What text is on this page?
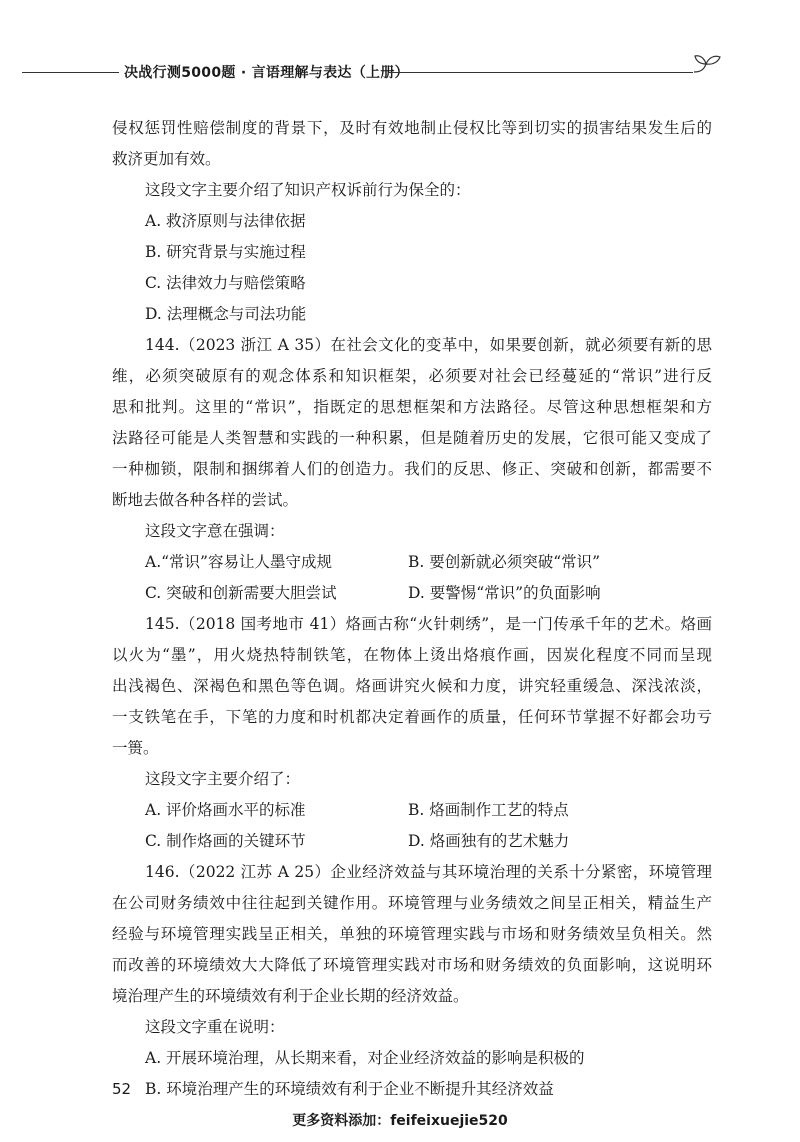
决战行测5000题 · 言语理解与表达（上册）
侵权惩罚性赔偿制度的背景下，及时有效地制止侵权比等到切实的损害结果发生后的
救济更加有效。
这段文字主要介绍了知识产权诉前行为保全的：
A. 救济原则与法律依据
B. 研究背景与实施过程
C. 法律效力与赔偿策略
D. 法理概念与司法功能
144.（2023 浙江 A 35）在社会文化的变革中，如果要创新，就必须要有新的思
维，必须突破原有的观念体系和知识框架，必须要对社会已经蔓延的“常识”进行反
思和批判。这里的“常识”，指既定的思想框架和方法路径。尽管这种思想框架和方
法路径可能是人类智慧和实践的一种积累，但是随着历史的发展，它很可能又变成了
一种枷锁，限制和捆绑着人们的创造力。我们的反思、修正、突破和创新，都需要不
断地去做各种各样的尝试。
这段文字意在强调：
A.“常识”容易让人墨守成规	B. 要创新就必须突破“常识”
C. 突破和创新需要大胆尝试	D. 要警惕“常识”的负面影响
145.（2018 国考地市 41）烙画古称“火针刺绣”，是一门传承千年的艺术。烙画
以火为“墨”，用火烧热特制铁笔，在物体上烫出烙痕作画，因炭化程度不同而呈现
出浅褐色、深褐色和黑色等色调。烙画讲究火候和力度，讲究轻重缓急、深浅浓淡，
一支铁笔在手，下笔的力度和时机都决定着画作的质量，任何环节掌握不好都会功亏
一篑。
这段文字主要介绍了：
A. 评价烙画水平的标准	B. 烙画制作工艺的特点
C. 制作烙画的关键环节	D. 烙画独有的艺术魅力
146.（2022 江苏 A 25）企业经济效益与其环境治理的关系十分紧密，环境管理
在公司财务绩效中往往起到关键作用。环境管理与业务绩效之间呈正相关，精益生产
经验与环境管理实践呈正相关，单独的环境管理实践与市场和财务绩效呈负相关。然
而改善的环境绩效大大降低了环境管理实践对市场和财务绩效的负面影响，这说明环
境治理产生的环境绩效有利于企业长期的经济效益。
这段文字重在说明：
A. 开展环境治理，从长期来看，对企业经济效益的影响是积极的
B. 环境治理产生的环境绩效有利于企业不断提升其经济效益
52
更多资料添加：feifeixuejie520
